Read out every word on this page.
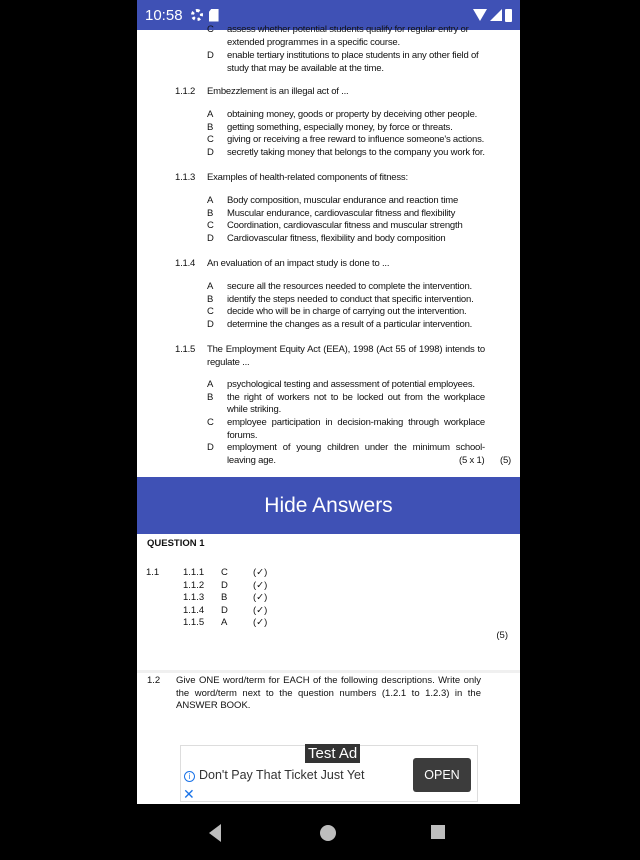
10:58
C assess whether potential students qualify for regular entry or extended programmes in a specific course.
D enable tertiary institutions to place students in any other field of study that may be available at the time.
1.1.2 Embezzlement is an illegal act of ...
A obtaining money, goods or property by deceiving other people.
B getting something, especially money, by force or threats.
C giving or receiving a free reward to influence someone's actions.
D secretly taking money that belongs to the company you work for.
1.1.3 Examples of health-related components of fitness:
A Body composition, muscular endurance and reaction time
B Muscular endurance, cardiovascular fitness and flexibility
C Coordination, cardiovascular fitness and muscular strength
D Cardiovascular fitness, flexibility and body composition
1.1.4 An evaluation of an impact study is done to ...
A secure all the resources needed to complete the intervention.
B identify the steps needed to conduct that specific intervention.
C decide who will be in charge of carrying out the intervention.
D determine the changes as a result of a particular intervention.
1.1.5 The Employment Equity Act (EEA), 1998 (Act 55 of 1998) intends to regulate ...
A psychological testing and assessment of potential employees.
B the right of workers not to be locked out from the workplace while striking.
C employee participation in decision-making through workplace forums.
D employment of young children under the minimum school-leaving age.	(5 x 1) (5)
Hide Answers
QUESTION 1
1.1	1.1.1 C	(✓)
1.1.2 D	(✓)
1.1.3 B	(✓)
1.1.4 D	(✓)
1.1.5 A	(✓)
(5)
1.2 Give ONE word/term for EACH of the following descriptions. Write only the word/term next to the question numbers (1.2.1 to 1.2.3) in the ANSWER BOOK.
Test Ad
i Don't Pay That Ticket Just Yet
✕
OPEN
